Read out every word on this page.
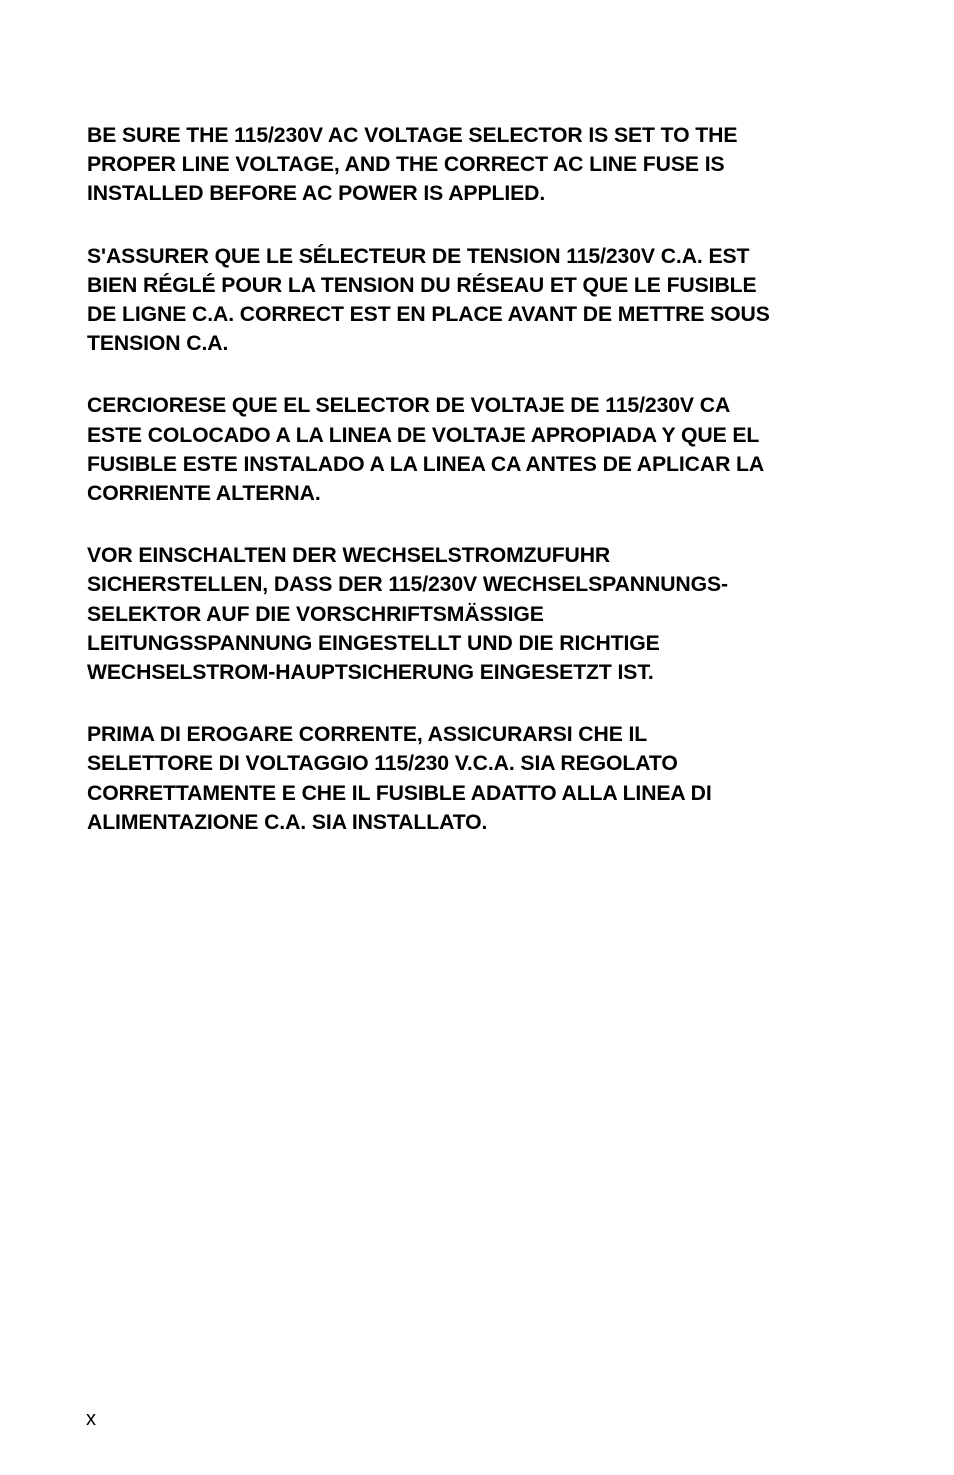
BE SURE THE 115/230V AC VOLTAGE SELECTOR IS SET TO THE
PROPER LINE VOLTAGE, AND THE CORRECT AC LINE FUSE IS
INSTALLED BEFORE AC POWER IS APPLIED.

S'ASSURER QUE LE SÉLECTEUR DE TENSION 115/230V C.A. EST
BIEN RÉGLÉ POUR LA TENSION DU RÉSEAU ET QUE LE FUSIBLE
DE LIGNE C.A. CORRECT EST EN PLACE AVANT DE METTRE SOUS
TENSION C.A.

CERCIORESE QUE EL SELECTOR DE VOLTAJE DE 115/230V CA
ESTE COLOCADO A LA LINEA DE VOLTAJE APROPIADA Y QUE EL
FUSIBLE ESTE INSTALADO A LA LINEA CA ANTES DE APLICAR LA
CORRIENTE ALTERNA.

VOR EINSCHALTEN DER WECHSELSTROMZUFUHR
SICHERSTELLEN, DASS DER 115/230V WECHSELSPANNUNGS-
SELEKTOR AUF DIE VORSCHRIFTSMÄSSIGE
LEITUNGSSPANNUNG EINGESTELLT UND DIE RICHTIGE
WECHSELSTROM-HAUPTSICHERUNG EINGESETZT IST.

PRIMA DI EROGARE CORRENTE, ASSICURARSI CHE IL
SELETTORE DI VOLTAGGIO 115/230 V.C.A. SIA REGOLATO
CORRETTAMENTE E CHE IL FUSIBLE ADATTO ALLA LINEA DI
ALIMENTAZIONE C.A. SIA INSTALLATO.

x
